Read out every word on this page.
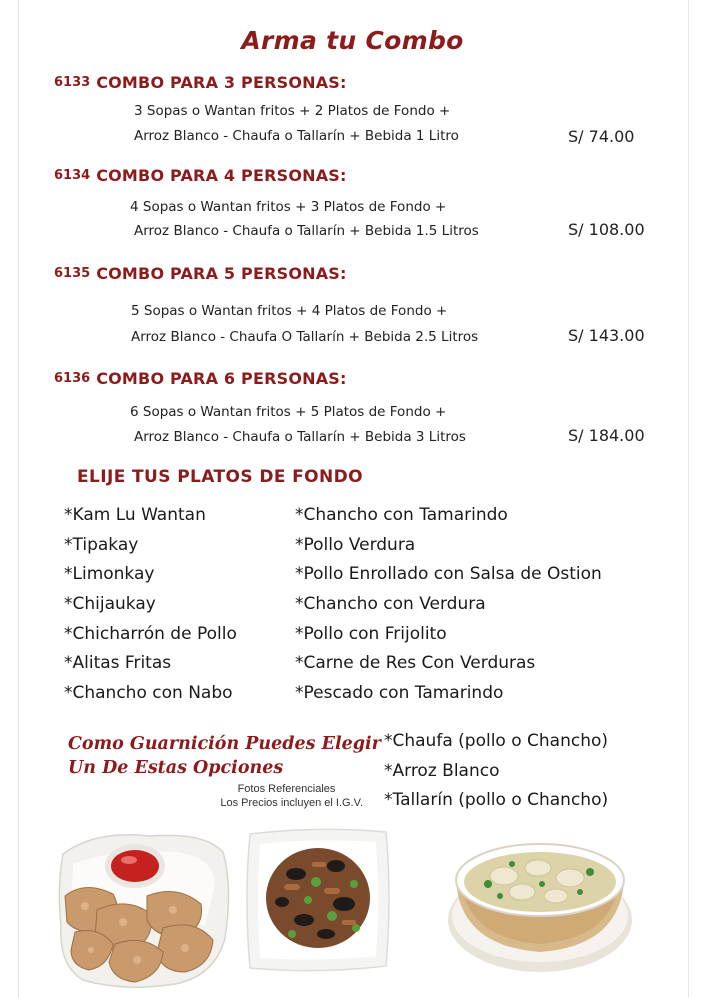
Arma tu Combo
6133 COMBO PARA 3 PERSONAS:
3 Sopas o Wantan fritos + 2 Platos de Fondo +
Arroz Blanco - Chaufa o Tallarín + Bebida 1 Litro	S/ 74.00
6134 COMBO PARA 4 PERSONAS:
4 Sopas o Wantan fritos + 3 Platos de Fondo +
Arroz Blanco - Chaufa o Tallarín + Bebida 1.5 Litros	S/ 108.00
6135 COMBO PARA 5 PERSONAS:
5 Sopas o Wantan fritos + 4 Platos de Fondo +
Arroz Blanco - Chaufa O Tallarín + Bebida 2.5 Litros	S/ 143.00
6136 COMBO PARA 6 PERSONAS:
6 Sopas o Wantan fritos + 5 Platos de Fondo +
Arroz Blanco - Chaufa o Tallarín + Bebida 3 Litros	S/ 184.00
ELIJE TUS PLATOS DE FONDO
*Kam Lu Wantan
*Tipakay
*Limonkay
*Chijaukay
*Chicharrón de Pollo
*Alitas Fritas
*Chancho con Nabo
*Chancho con Tamarindo
*Pollo Verdura
*Pollo Enrollado con Salsa de Ostion
*Chancho con Verdura
*Pollo con Frijolito
*Carne de Res Con Verduras
*Pescado con Tamarindo
Como Guarnición Puedes Elegir
Un De Estas Opciones
Fotos Referenciales
Los Precios incluyen el I.G.V.
*Chaufa (pollo o Chancho)
*Arroz Blanco
*Tallarín (pollo o Chancho)
